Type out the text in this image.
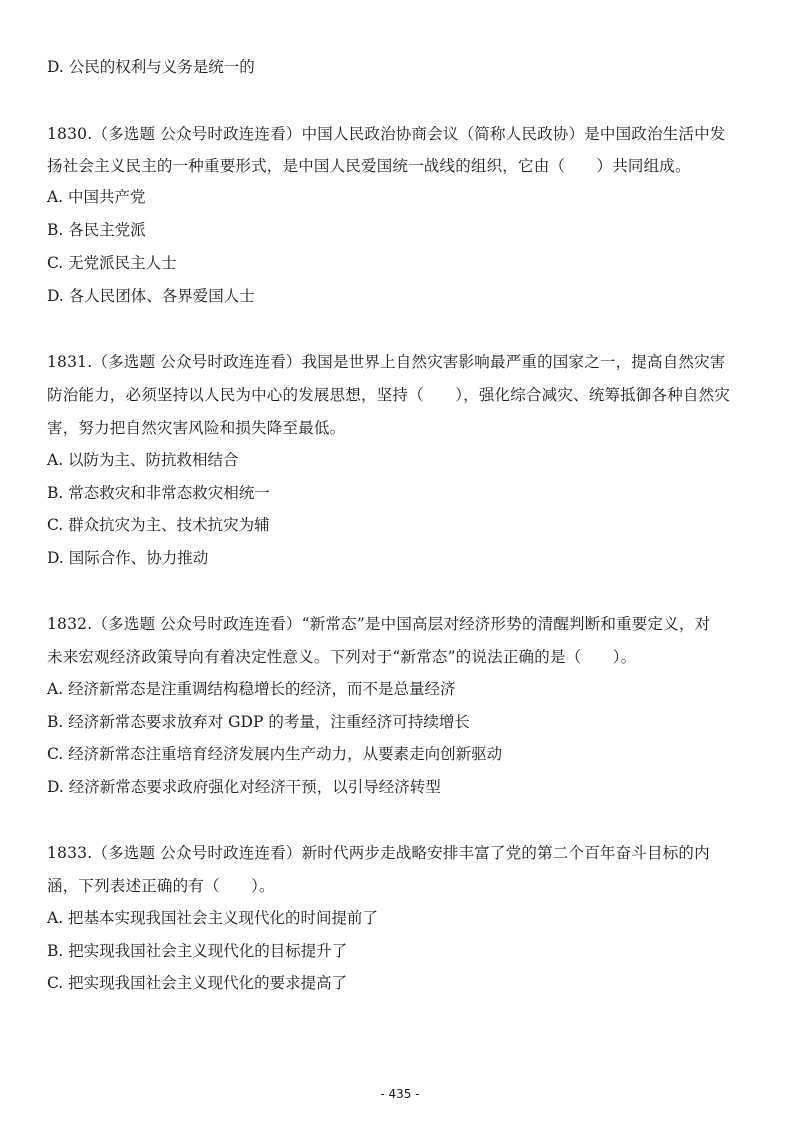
D. 公民的权利与义务是统一的
1830.（多选题 公众号时政连连看）中国人民政治协商会议（简称人民政协）是中国政治生活中发
扬社会主义民主的一种重要形式，是中国人民爱国统一战线的组织，它由（　　）共同组成。
A. 中国共产党
B. 各民主党派
C. 无党派民主人士
D. 各人民团体、各界爱国人士
1831.（多选题 公众号时政连连看）我国是世界上自然灾害影响最严重的国家之一，提高自然灾害
防治能力，必须坚持以人民为中心的发展思想，坚持（　　），强化综合减灾、统筹抵御各种自然灾
害，努力把自然灾害风险和损失降至最低。
A. 以防为主、防抗救相结合
B. 常态救灾和非常态救灾相统一
C. 群众抗灾为主、技术抗灾为辅
D. 国际合作、协力推动
1832.（多选题 公众号时政连连看）“新常态”是中国高层对经济形势的清醒判断和重要定义，对
未来宏观经济政策导向有着决定性意义。下列对于“新常态”的说法正确的是（　　）。
A. 经济新常态是注重调结构稳增长的经济，而不是总量经济
B. 经济新常态要求放弃对 GDP 的考量，注重经济可持续增长
C. 经济新常态注重培育经济发展内生产动力，从要素走向创新驱动
D. 经济新常态要求政府强化对经济干预，以引导经济转型
1833.（多选题 公众号时政连连看）新时代两步走战略安排丰富了党的第二个百年奋斗目标的内
涵，下列表述正确的有（　　）。
A. 把基本实现我国社会主义现代化的时间提前了
B. 把实现我国社会主义现代化的目标提升了
C. 把实现我国社会主义现代化的要求提高了
- 435 -
